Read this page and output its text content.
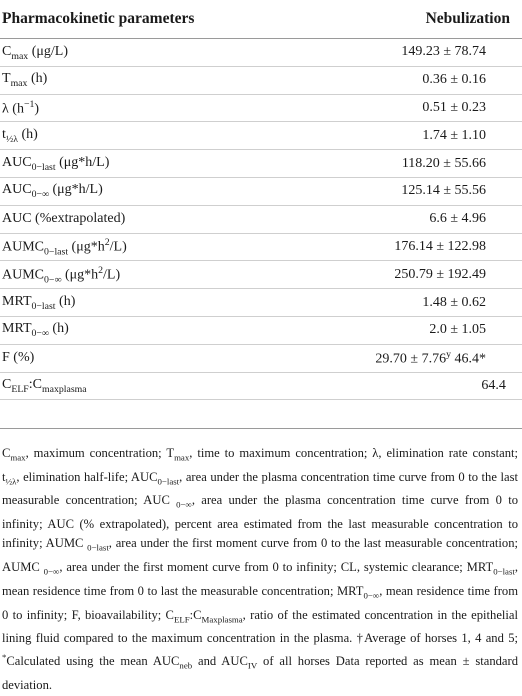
Pharmacokinetic parameters	Nebulization
$C_{max}$ (μg/L)	149.23 ± 78.74
$T_{max}$ (h)	0.36 ± 0.16
λ $(h^{-1})$	0.51 ± 0.23
$t_{\frac{1}{2}\lambda}$ (h)	1.74 ± 1.10
$AUC_{0-last}$ (μg*h/L)	118.20 ± 55.66
$AUC_{0-\infty}$ (μg*h/L)	125.14 ± 55.56
AUC (%extrapolated)	6.6 ± 4.96
$AUMC_{0-last}$ $(\mu g*h^2/L)$	176.14 ± 122.98
$AUMC_{0-\infty}$ $(\mu g*h^2/L)$	250.79 ± 192.49
$MRT_{0-last}$ (h)	1.48 ± 0.62
$MRT_{0-\infty}$ (h)	2.0 ± 1.05
F (%)	$29.70 \pm 7.76^y$ 46.4*
$C_{ELF}:C_{maxplasma}$	64.4
$C_{max}$, maximum concentration; $T_{max}$, time to maximum concentration; λ, elimination rate constant; $t_{\frac{1}{2}\lambda}$, elimination half-life; $AUC_{0-last}$, area under the plasma concentration time curve from 0 to the last measurable concentration; AUC $_{0-\infty}$, area under the plasma concentration time curve from 0 to infinity; AUC (% extrapolated), percent area estimated from the last measurable concentration to infinity; AUMC $_{0-last}$, area under the first moment curve from 0 to the last measurable concentration; AUMC $_{0-\infty}$, area under the first moment curve from 0 to infinity; CL, systemic clearance; $MRT_{0-last}$, mean residence time from 0 to last the measurable concentration; $MRT_{0-\infty}$, mean residence time from 0 to infinity; F, bioavailability; $C_{ELF}:C_{Maxplasma}$, ratio of the estimated concentration in the epithelial lining fluid compared to the maximum concentration in the plasma. †Average of horses 1, 4 and 5; *Calculated using the mean $AUC_{neb}$ and $AUC_{IV}$ of all horses Data reported as mean ± standard deviation.
